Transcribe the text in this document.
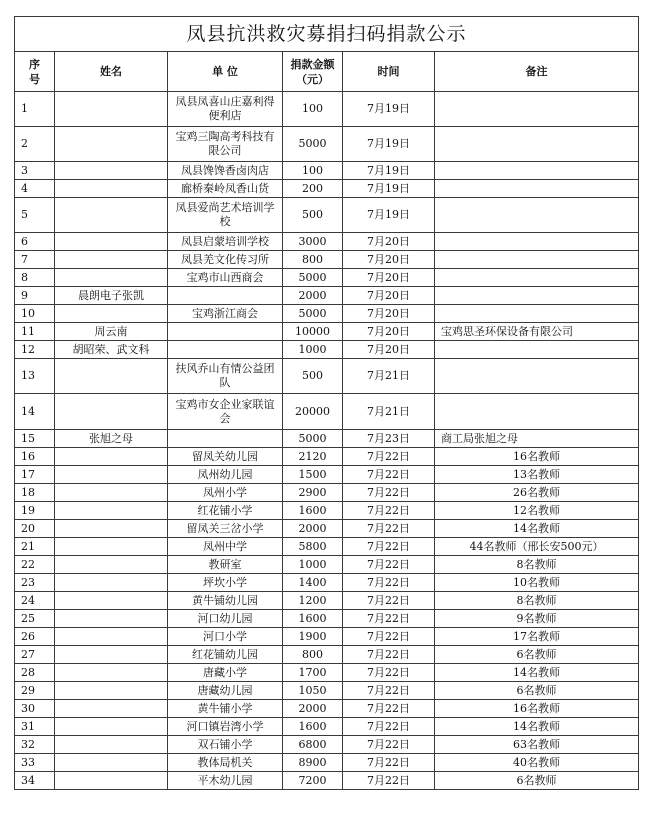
凤县抗洪救灾募捐扫码捐款公示					
序
号	姓名	单 位	捐款金额
（元）	时间	备注
1		凤县凤喜山庄嘉利得便利店	100	7月19日	
2		宝鸡三陶高考科技有限公司	5000	7月19日	
3		凤县馋馋香卤肉店	100	7月19日	
4		廊桥秦岭凤香山货	200	7月19日	
5		凤县爱尚艺术培训学校	500	7月19日	
6		凤县启蒙培训学校	3000	7月20日	
7		凤县羌文化传习所	800	7月20日	
8		宝鸡市山西商会	5000	7月20日	
9	晨朗电子张凯		2000	7月20日	
10		宝鸡浙江商会	5000	7月20日	
11	周云南		10000	7月20日	宝鸡思圣环保设备有限公司
12	胡昭荣、武文科		1000	7月20日	
13		扶风乔山有情公益团队	500	7月21日	
14		宝鸡市女企业家联谊会	20000	7月21日	
15	张旭之母		5000	7月23日	商工局张旭之母
16		留凤关幼儿园	2120	7月22日	16名教师
17		凤州幼儿园	1500	7月22日	13名教师
18		凤州小学	2900	7月22日	26名教师
19		红花铺小学	1600	7月22日	12名教师
20		留凤关三岔小学	2000	7月22日	14名教师
21		凤州中学	5800	7月22日	44名教师（邢长安500元）
22		教研室	1000	7月22日	8名教师
23		坪坎小学	1400	7月22日	10名教师
24		黄牛铺幼儿园	1200	7月22日	8名教师
25		河口幼儿园	1600	7月22日	9名教师
26		河口小学	1900	7月22日	17名教师
27		红花铺幼儿园	800	7月22日	6名教师
28		唐藏小学	1700	7月22日	14名教师
29		唐藏幼儿园	1050	7月22日	6名教师
30		黄牛铺小学	2000	7月22日	16名教师
31		河口镇岩湾小学	1600	7月22日	14名教师
32		双石铺小学	6800	7月22日	63名教师
33		教体局机关	8900	7月22日	40名教师
34		平木幼儿园	7200	7月22日	6名教师
